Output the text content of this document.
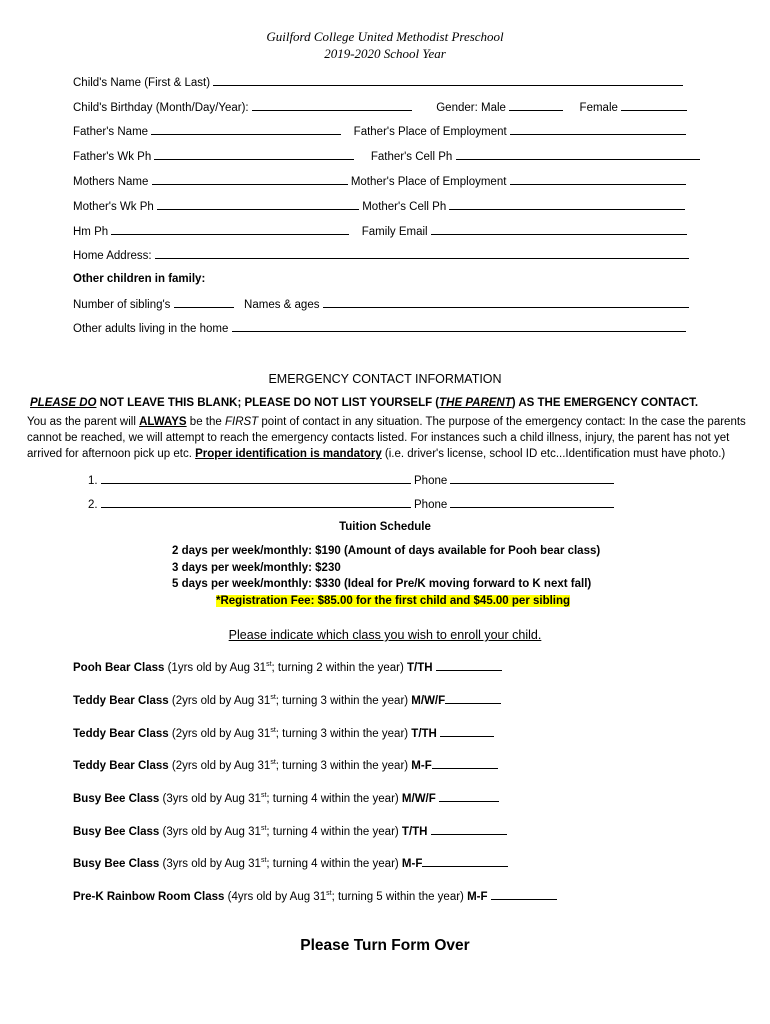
Guilford College United Methodist Preschool
2019-2020 School Year
Child's Name (First & Last)
Child's Birthday (Month/Day/Year):	Gender: Male	Female
Father's Name	Father's Place of Employment
Father's Wk Ph	Father's Cell Ph
Mothers Name	Mother's Place of Employment
Mother's Wk Ph	Mother's Cell Ph
Hm Ph	Family Email
Home Address:
Other children in family:
Number of sibling's	Names & ages
Other adults living in the home
EMERGENCY CONTACT INFORMATION
PLEASE DO NOT LEAVE THIS BLANK; PLEASE DO NOT LIST YOURSELF (THE PARENT) AS THE EMERGENCY CONTACT.
You as the parent will ALWAYS be the FIRST point of contact in any situation. The purpose of the emergency contact: In the case the parents cannot be reached, we will attempt to reach the emergency contacts listed. For instances such a child illness, injury, the parent has not yet arrived for afternoon pick up etc. Proper identification is mandatory (i.e. driver's license, school ID etc...Identification must have photo.)
1.	Phone
2.	Phone
Tuition Schedule
2 days per week/monthly: $190 (Amount of days available for Pooh bear class)
3 days per week/monthly: $230
5 days per week/monthly: $330 (Ideal for Pre/K moving forward to K next fall)
*Registration Fee: $85.00 for the first child and $45.00 per sibling
Please indicate which class you wish to enroll your child.
Pooh Bear Class (1yrs old by Aug 31st; turning 2 within the year) T/TH
Teddy Bear Class (2yrs old by Aug 31st; turning 3 within the year) M/W/F
Teddy Bear Class (2yrs old by Aug 31st; turning 3 within the year) T/TH
Teddy Bear Class (2yrs old by Aug 31st; turning 3 within the year) M-F
Busy Bee Class (3yrs old by Aug 31st; turning 4 within the year) M/W/F
Busy Bee Class (3yrs old by Aug 31st; turning 4 within the year) T/TH
Busy Bee Class (3yrs old by Aug 31st; turning 4 within the year) M-F
Pre-K Rainbow Room Class (4yrs old by Aug 31st; turning 5 within the year) M-F
Please Turn Form Over
